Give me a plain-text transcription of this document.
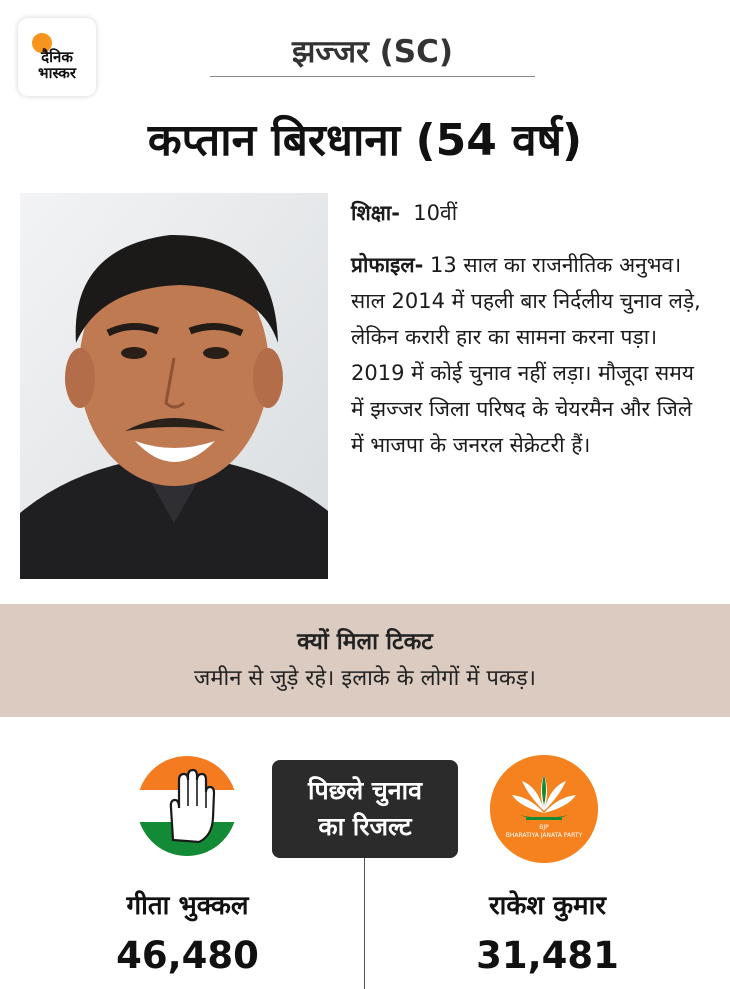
दैनिक
भास्कर
झज्जर (SC)
कप्तान बिरधाना (54 वर्ष)
शिक्षा- 10वीं
प्रोफाइल- 13 साल का राजनीतिक अनुभव। साल 2014 में पहली बार निर्दलीय चुनाव लड़े, लेकिन करारी हार का सामना करना पड़ा। 2019 में कोई चुनाव नहीं लड़ा। मौजूदा समय में झज्जर जिला परिषद के चेयरमैन और जिले में भाजपा के जनरल सेक्रेटरी हैं।
क्यों मिला टिकट
जमीन से जुड़े रहे। इलाके के लोगों में पकड़।
पिछले चुनाव
का रिजल्ट	BJP
BHARATIYA JANATA PARTY
गीता भुक्कल
46,480
राकेश कुमार
31,481
